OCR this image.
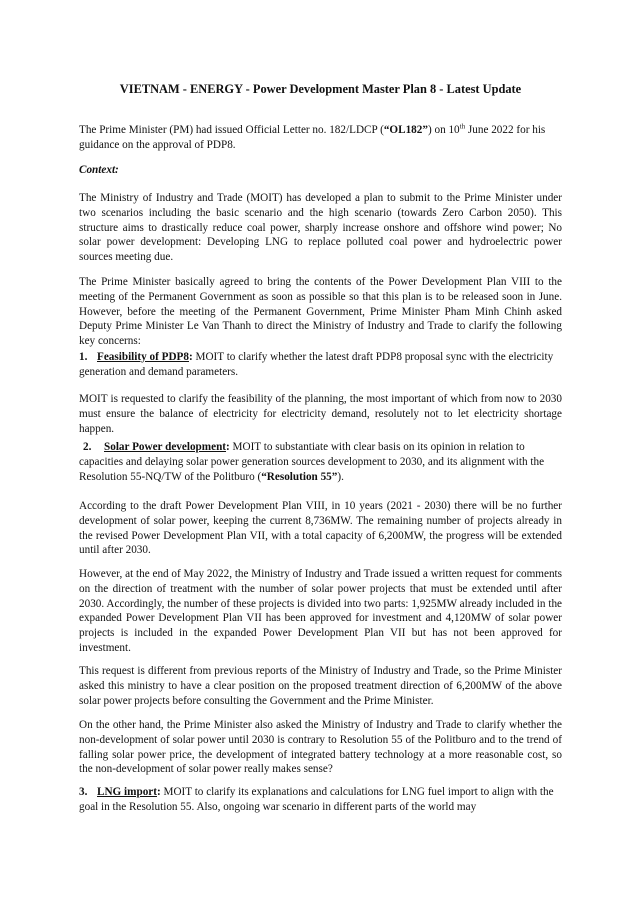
VIETNAM - ENERGY - Power Development Master Plan 8 - Latest Update

The Prime Minister (PM) had issued Official Letter no. 182/LDCP (“OL182”) on 10th June 2022 for his guidance on the approval of PDP8.

Context:

The Ministry of Industry and Trade (MOIT) has developed a plan to submit to the Prime Minister under two scenarios including the basic scenario and the high scenario (towards Zero Carbon 2050). This structure aims to drastically reduce coal power, sharply increase onshore and offshore wind power; No solar power development: Developing LNG to replace polluted coal power and hydroelectric power sources meeting due.

The Prime Minister basically agreed to bring the contents of the Power Development Plan VIII to the meeting of the Permanent Government as soon as possible so that this plan is to be released soon in June. However, before the meeting of the Permanent Government, Prime Minister Pham Minh Chinh asked Deputy Prime Minister Le Van Thanh to direct the Ministry of Industry and Trade to clarify the following key concerns:

1. Feasibility of PDP8: MOIT to clarify whether the latest draft PDP8 proposal sync with the electricity generation and demand parameters.

MOIT is requested to clarify the feasibility of the planning, the most important of which from now to 2030 must ensure the balance of electricity for electricity demand, resolutely not to let electricity shortage happen.

2. Solar Power development: MOIT to substantiate with clear basis on its opinion in relation to capacities and delaying solar power generation sources development to 2030, and its alignment with the Resolution 55-NQ/TW of the Politburo (“Resolution 55”).

According to the draft Power Development Plan VIII, in 10 years (2021 - 2030) there will be no further development of solar power, keeping the current 8,736MW. The remaining number of projects already in the revised Power Development Plan VII, with a total capacity of 6,200MW, the progress will be extended until after 2030.

However, at the end of May 2022, the Ministry of Industry and Trade issued a written request for comments on the direction of treatment with the number of solar power projects that must be extended until after 2030. Accordingly, the number of these projects is divided into two parts: 1,925MW already included in the expanded Power Development Plan VII has been approved for investment and 4,120MW of solar power projects is included in the expanded Power Development Plan VII but has not been approved for investment.

This request is different from previous reports of the Ministry of Industry and Trade, so the Prime Minister asked this ministry to have a clear position on the proposed treatment direction of 6,200MW of the above solar power projects before consulting the Government and the Prime Minister.

On the other hand, the Prime Minister also asked the Ministry of Industry and Trade to clarify whether the non-development of solar power until 2030 is contrary to Resolution 55 of the Politburo and to the trend of falling solar power price, the development of integrated battery technology at a more reasonable cost, so the non-development of solar power really makes sense?

3. LNG import: MOIT to clarify its explanations and calculations for LNG fuel import to align with the goal in the Resolution 55. Also, ongoing war scenario in different parts of the world may
